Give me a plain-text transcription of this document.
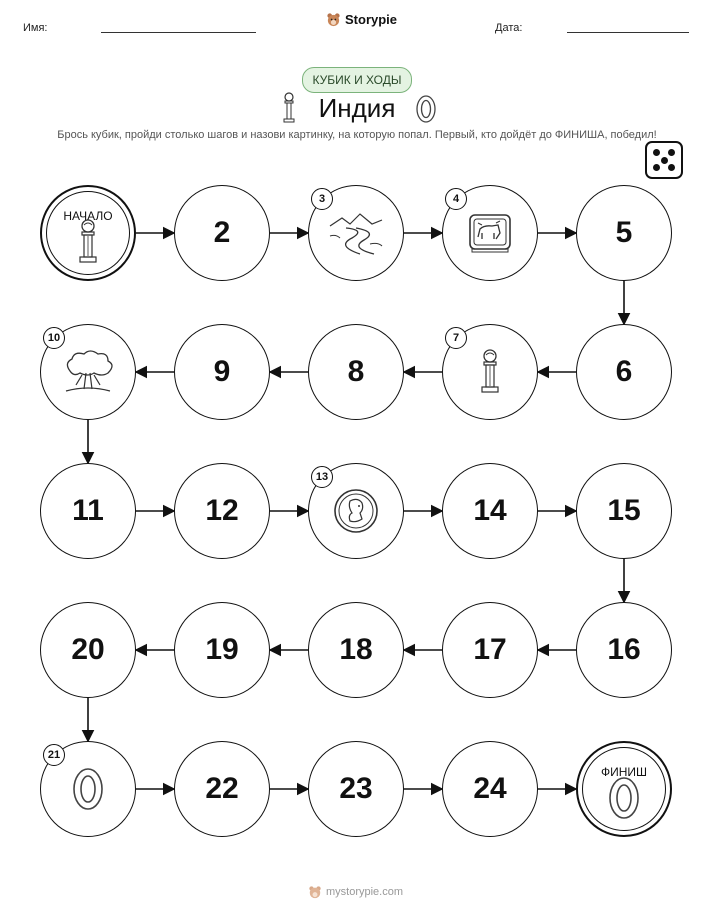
Имя:
Storypie
Дата:
КУБИК И ХОДЫ
Индия
Брось кубик, пройди столько шагов и назови картинку, на которую попал. Первый, кто дойдёт до ФИНИША, победил!
НАЧАЛО	2
3	4
5
6
7
8
9
10
11	12
13
14	15
16
17
18
19
20
21
22	23	24	ФИНИШ
mystorypie.com
